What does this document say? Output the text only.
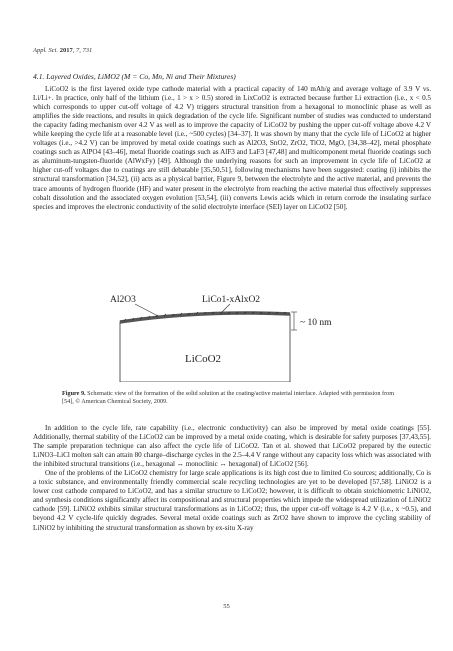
Appl. Sci. 2017, 7, 731
4.1. Layered Oxides, LiMO2 (M = Co, Mn, Ni and Their Mixtures)

LiCoO2 is the first layered oxide type cathode material with a practical capacity of 140 mAh/g and average voltage of 3.9 V vs. Li/Li+. In practice, only half of the lithium (i.e., 1 > x > 0.5) stored in LixCoO2 is extracted because further Li extraction (i.e., x < 0.5 which corresponds to upper cut-off voltage of 4.2 V) triggers structural transition from a hexagonal to monoclinic phase as well as amplifies the side reactions, and results in quick degradation of the cycle life. Significant number of studies was conducted to understand the capacity fading mechanism over 4.2 V as well as to improve the capacity of LiCoO2 by pushing the upper cut-off voltage above 4.2 V while keeping the cycle life at a reasonable level (i.e., ~500 cycles) [34–37]. It was shown by many that the cycle life of LiCoO2 at higher voltages (i.e., >4.2 V) can be improved by metal oxide coatings such as Al2O3, SnO2, ZrO2, TiO2, MgO, [34,38–42], metal phosphate coatings such as AlPO4 [43–46], metal fluoride coatings such as AlF3 and LaF3 [47,48] and multicomponent metal fluoride coatings such as aluminum-tungsten-fluoride (AlWxFy) [49]. Although the underlying reasons for such an improvement in cycle life of LiCoO2 at higher cut-off voltages due to coatings are still debatable [35,50,51], following mechanisms have been suggested: coating (i) inhibits the structural transformation [34,52], (ii) acts as a physical barrier, Figure 9, between the electrolyte and the active material, and prevents the trace amounts of hydrogen fluoride (HF) and water present in the electrolyte from reaching the active material thus effectively suppresses cobalt dissolution and the associated oxygen evolution [53,54], (iii) converts Lewis acids which in return corrode the insulating surface species and improves the electronic conductivity of the solid electrolyte interface (SEI) layer on LiCoO2 [50].

Al2O3	LiCo1-xAlxO2
~ 10 nm
LiCoO2
Figure 9. Schematic view of the formation of the solid solution at the coating/active material interface. Adapted with permission from [54], © American Chemical Society, 2009.

In addition to the cycle life, rate capability (i.e., electronic conductivity) can also be improved by metal oxide coatings [55]. Additionally, thermal stability of the LiCoO2 can be improved by a metal oxide coating, which is desirable for safety purposes [37,43,55]. The sample preparation technique can also affect the cycle life of LiCoO2. Tan et al. showed that LiCoO2 prepared by the eutectic LiNO3–LiCl molten salt can attain 80 charge–discharge cycles in the 2.5–4.4 V range without any capacity loss which was associated with the inhibited structural transitions (i.e., hexagonal ↔ monoclinic ↔ hexagonal) of LiCoO2 [56].

One of the problems of the LiCoO2 chemistry for large scale applications is its high cost due to limited Co sources; additionally, Co is a toxic substance, and environmentally friendly commercial scale recycling technologies are yet to be developed [57,58]. LiNiO2 is a lower cost cathode compared to LiCoO2, and has a similar structure to LiCoO2; however, it is difficult to obtain stoichiometric LiNiO2, and synthesis conditions significantly affect its compositional and structural properties which impede the widespread utilization of LiNiO2 cathode [59]. LiNiO2 exhibits similar structural transformations as in LiCoO2; thus, the upper cut-off voltage is 4.2 V (i.e., x ~0.5), and beyond 4.2 V cycle-life quickly degrades. Several metal oxide coatings such as ZrO2 have shown to improve the cycling stability of LiNiO2 by inhibiting the structural transformation as shown by ex-situ X-ray

55
